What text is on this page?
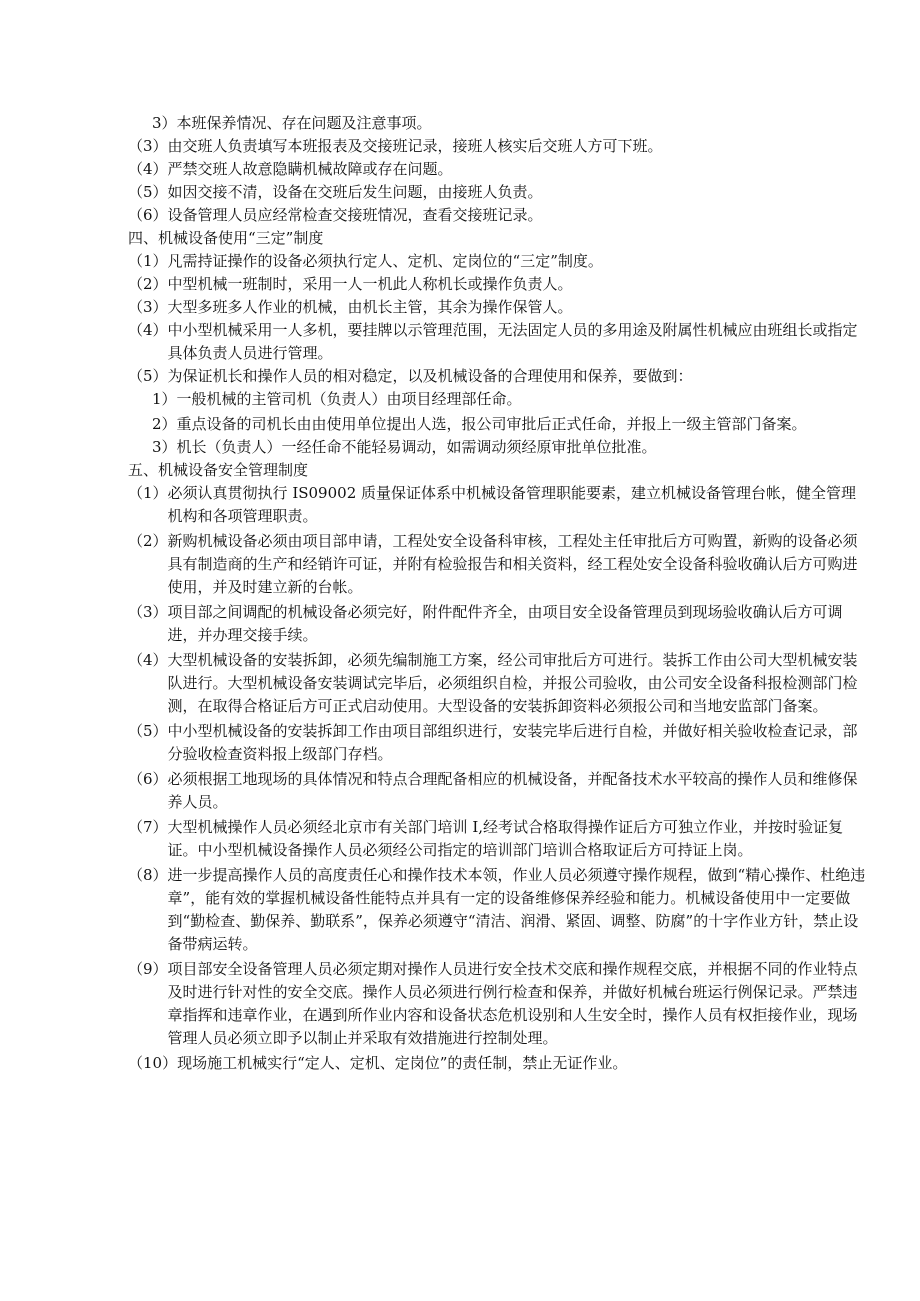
3） 本班保养情况、存在问题及注意事项。
（3） 由交班人负责填写本班报表及交接班记录，接班人核实后交班人方可下班。
（4） 严禁交班人故意隐瞒机械故障或存在问题。
（5） 如因交接不清，设备在交班后发生问题，由接班人负责。
（6） 设备管理人员应经常检查交接班情况，查看交接班记录。
四、机械设备使用“三定”制度
（1） 凡需持证操作的设备必须执行定人、定机、定岗位的“三定”制度。
（2） 中型机械一班制时，采用一人一机此人称机长或操作负责人。
（3） 大型多班多人作业的机械，由机长主管，其余为操作保管人。
（4） 中小型机械采用一人多机，要挂牌以示管理范围，无法固定人员的多用途及附属性机械应由班组长或指定具体负责人员进行管理。
（5） 为保证机长和操作人员的相对稳定，以及机械设备的合理使用和保养，要做到：
1） 一般机械的主管司机（负责人）由项目经理部任命。
2） 重点设备的司机长由由使用单位提出人选，报公司审批后正式任命，并报上一级主管部门备案。
3） 机长（负责人）一经任命不能轻易调动，如需调动须经原审批单位批准。
五、机械设备安全管理制度
（1） 必须认真贯彻执行 IS09002 质量保证体系中机械设备管理职能要素，建立机械设备管理台帐，健全管理机构和各项管理职责。
（2） 新购机械设备必须由项目部申请，工程处安全设备科审核，工程处主任审批后方可购置，新购的设备必须具有制造商的生产和经销许可证，并附有检验报告和相关资料，经工程处安全设备科验收确认后方可购进使用，并及时建立新的台帐。
（3） 项目部之间调配的机械设备必须完好，附件配件齐全，由项目安全设备管理员到现场验收确认后方可调进，并办理交接手续。
（4） 大型机械设备的安装拆卸，必须先编制施工方案，经公司审批后方可进行。装拆工作由公司大型机械安装队进行。大型机械设备安装调试完毕后，必须组织自检，并报公司验收，由公司安全设备科报检测部门检测，在取得合格证后方可正式启动使用。大型设备的安装拆卸资料必须报公司和当地安监部门备案。
（5） 中小型机械设备的安装拆卸工作由项目部组织进行，安装完毕后进行自检，并做好相关验收检查记录，部分验收检查资料报上级部门存档。
（6） 必须根据工地现场的具体情况和特点合理配备相应的机械设备，并配备技术水平较高的操作人员和维修保养人员。
（7） 大型机械操作人员必须经北京市有关部门培训 I,经考试合格取得操作证后方可独立作业，并按时验证复证。中小型机械设备操作人员必须经公司指定的培训部门培训合格取证后方可持证上岗。
（8） 进一步提高操作人员的高度责任心和操作技术本领，作业人员必须遵守操作规程，做到“精心操作、杜绝违章”，能有效的掌握机械设备性能特点并具有一定的设备维修保养经验和能力。机械设备使用中一定要做到“勤检查、勤保养、勤联系”，保养必须遵守“清洁、润滑、紧固、调整、防腐”的十字作业方针，禁止设备带病运转。
（9） 项目部安全设备管理人员必须定期对操作人员进行安全技术交底和操作规程交底，并根据不同的作业特点及时进行针对性的安全交底。操作人员必须进行例行检查和保养，并做好机械台班运行例保记录。严禁违章指挥和违章作业，在遇到所作业内容和设备状态危机设别和人生安全时，操作人员有权拒接作业，现场管理人员必须立即予以制止并采取有效措施进行控制处理。
（10） 现场施工机械实行“定人、定机、定岗位”的责任制，禁止无证作业。
